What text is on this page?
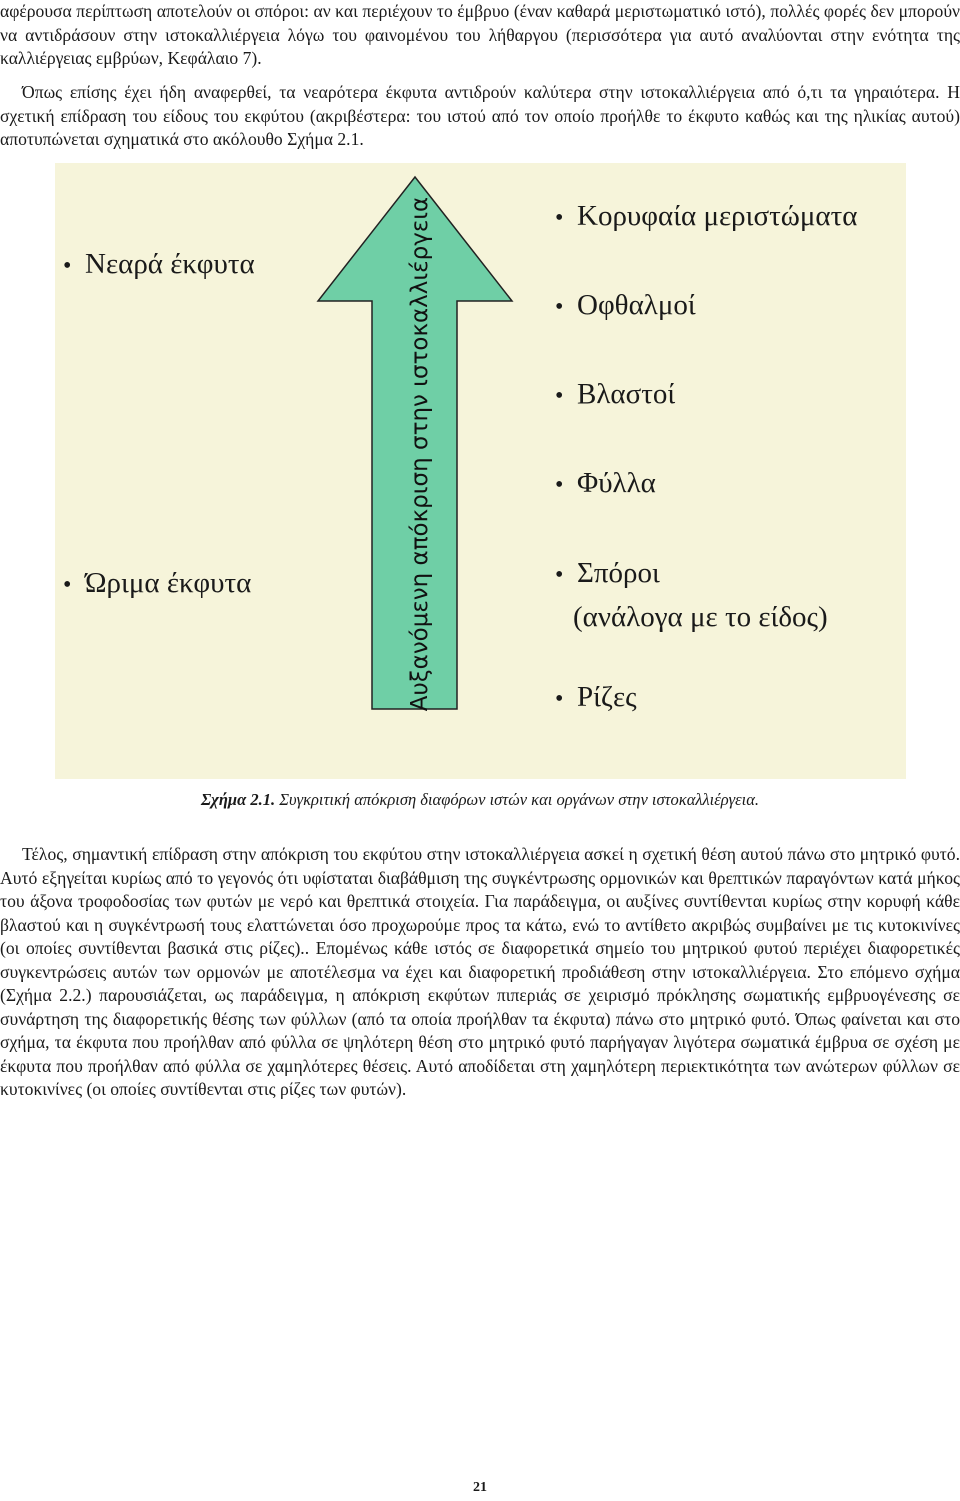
αφέρουσα περίπτωση αποτελούν οι σπόροι: αν και περιέχουν το έμβρυο (έναν καθαρά μεριστωματικό ιστό), πολλές φορές δεν μπορούν να αντιδράσουν στην ιστοκαλλιέργεια λόγω του φαινομένου του λήθαργου (περισσότερα για αυτό αναλύονται στην ενότητα της καλλιέργειας εμβρύων, Κεφάλαιο 7).

Όπως επίσης έχει ήδη αναφερθεί, τα νεαρότερα έκφυτα αντιδρούν καλύτερα στην ιστοκαλλιέργεια από ό,τι τα γηραιότερα. Η σχετική επίδραση του είδους του εκφύτου (ακριβέστερα: του ιστού από τον οποίο προήλθε το έκφυτο καθώς και της ηλικίας αυτού) αποτυπώνεται σχηματικά στο ακόλουθο Σχήμα 2.1.

• Νεαρά έκφυτα
• Ώριμα έκφυτα	Αυξανόμενη απόκριση στην ιστοκαλλιέργεια	• Κορυφαία μεριστώματα
• Οφθαλμοί
• Βλαστοί
• Φύλλα
• Σπόροι
(ανάλογα με το είδος)
• Ρίζες
Σχήμα 2.1. Συγκριτική απόκριση διαφόρων ιστών και οργάνων στην ιστοκαλλιέργεια.

Τέλος, σημαντική επίδραση στην απόκριση του εκφύτου στην ιστοκαλλιέργεια ασκεί η σχετική θέση αυτού πάνω στο μητρικό φυτό. Αυτό εξηγείται κυρίως από το γεγονός ότι υφίσταται διαβάθμιση της συγκέντρωσης ορμονικών και θρεπτικών παραγόντων κατά μήκος του άξονα τροφοδοσίας των φυτών με νερό και θρεπτικά στοιχεία. Για παράδειγμα, οι αυξίνες συντίθενται κυρίως στην κορυφή κάθε βλαστού και η συγκέντρωσή τους ελαττώνεται όσο προχωρούμε προς τα κάτω, ενώ το αντίθετο ακριβώς συμβαίνει με τις κυτοκινίνες (οι οποίες συντίθενται βασικά στις ρίζες).. Επομένως κάθε ιστός σε διαφορετικά σημείο του μητρικού φυτού περιέχει διαφορετικές συγκεντρώσεις αυτών των ορμονών με αποτέλεσμα να έχει και διαφορετική προδιάθεση στην ιστοκαλλιέργεια. Στο επόμενο σχήμα (Σχήμα 2.2.) παρουσιάζεται, ως παράδειγμα, η απόκριση εκφύτων πιπεριάς σε χειρισμό πρόκλησης σωματικής εμβρυογένεσης σε συνάρτηση της διαφορετικής θέσης των φύλλων (από τα οποία προήλθαν τα έκφυτα) πάνω στο μητρικό φυτό. Όπως φαίνεται και στο σχήμα, τα έκφυτα που προήλθαν από φύλλα σε ψηλότερη θέση στο μητρικό φυτό παρήγαγαν λιγότερα σωματικά έμβρυα σε σχέση με έκφυτα που προήλθαν από φύλλα σε χαμηλότερες θέσεις. Αυτό αποδίδεται στη χαμηλότερη περιεκτικότητα των ανώτερων φύλλων σε κυτοκινίνες (οι οποίες συντίθενται στις ρίζες των φυτών).

21
